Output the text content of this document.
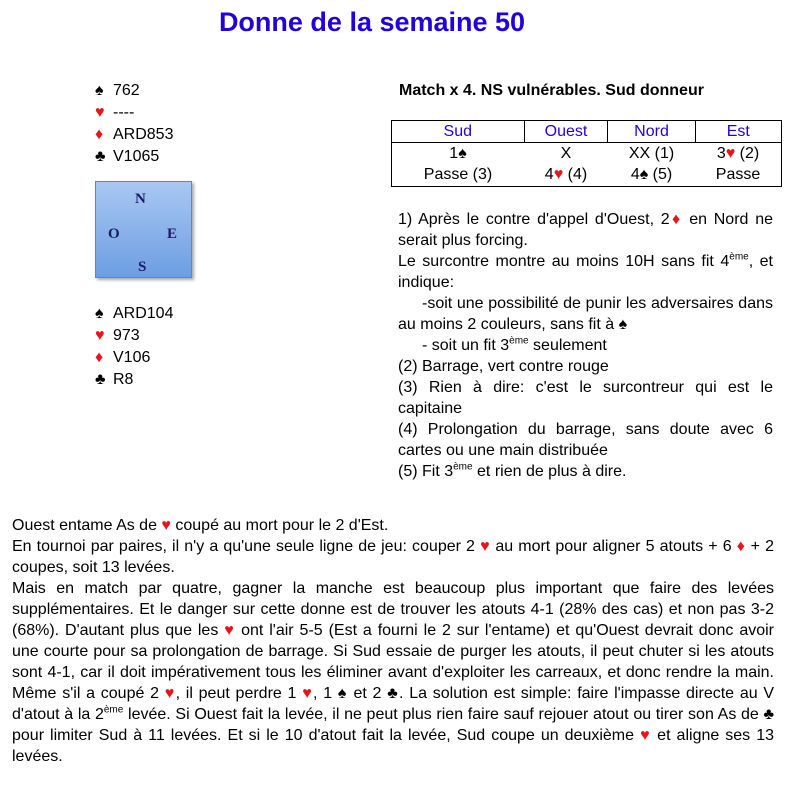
Donne de la semaine 50
♠ 762
♥ ----
♦ ARD853
♣ V1065
N
O	E
S
♠ ARD104
♥ 973
♦ V106
♣ R8
Match x 4. NS vulnérables. Sud donneur
Sud	Ouest	Nord	Est
1♠	X	XX (1)	3♥ (2)
Passe (3)	4♥ (4)	4♠ (5)	Passe

1) Après le contre d'appel d'Ouest, 2♦ en Nord ne serait plus forcing.

Le surcontre montre au moins 10H sans fit 4ème, et indique:

-soit une possibilité de punir les adversaires dans au moins 2 couleurs, sans fit à ♠

- soit un fit 3ème seulement

(2) Barrage, vert contre rouge

(3) Rien à dire: c'est le surcontreur qui est le capitaine

(4) Prolongation du barrage, sans doute avec 6 cartes ou une main distribuée

(5) Fit 3ème et rien de plus à dire.

Ouest entame As de ♥ coupé au mort pour le 2 d'Est.

En tournoi par paires, il n'y a qu'une seule ligne de jeu: couper 2 ♥ au mort pour aligner 5 atouts + 6 ♦ + 2 coupes, soit 13 levées.

Mais en match par quatre, gagner la manche est beaucoup plus important que faire des levées supplémentaires. Et le danger sur cette donne est de trouver les atouts 4-1 (28% des cas) et non pas 3-2 (68%). D'autant plus que les ♥ ont l'air 5-5 (Est a fourni le 2 sur l'entame) et qu'Ouest devrait donc avoir une courte pour sa prolongation de barrage. Si Sud essaie de purger les atouts, il peut chuter si les atouts sont 4-1, car il doit impérativement tous les éliminer avant d'exploiter les carreaux, et donc rendre la main. Même s'il a coupé 2 ♥, il peut perdre 1 ♥, 1 ♠ et 2 ♣. La solution est simple: faire l'impasse directe au V d'atout à la 2ème levée. Si Ouest fait la levée, il ne peut plus rien faire sauf rejouer atout ou tirer son As de ♣ pour limiter Sud à 11 levées. Et si le 10 d'atout fait la levée, Sud coupe un deuxième ♥ et aligne ses 13 levées.
